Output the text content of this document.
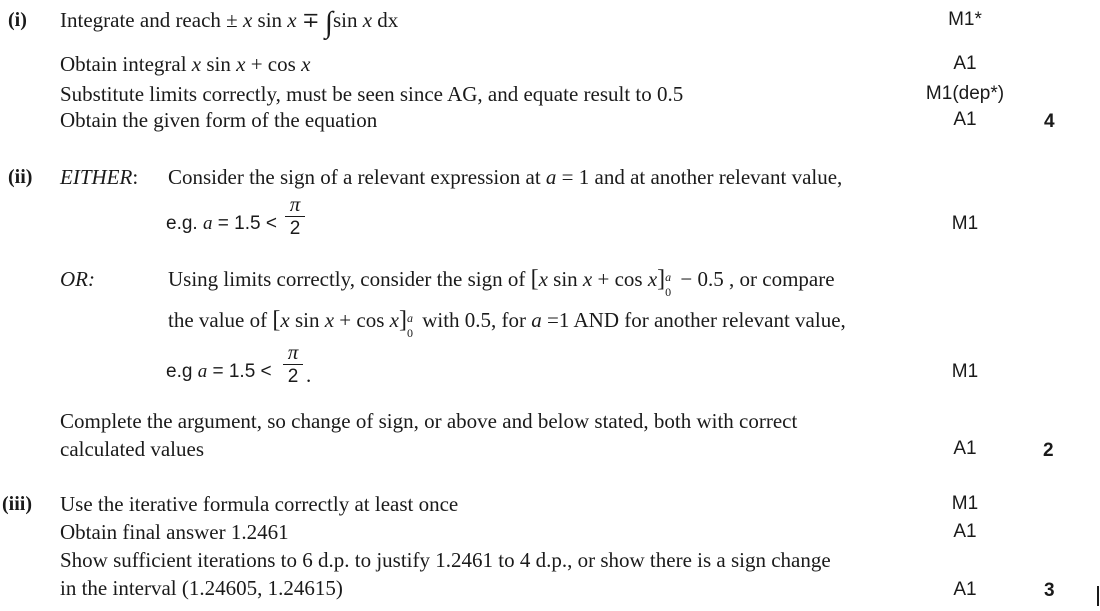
(i) Integrate and reach ± x sin x ∓ ∫sin x dx	M1*
Obtain integral x sin x + cos x	A1
Substitute limits correctly, must be seen since AG, and equate result to 0.5	M1(dep*)
Obtain the given form of the equation	A1	4
(ii) EITHER: Consider the sign of a relevant expression at a = 1 and at another relevant value,
e.g. a = 1.5 <
π
2	M1
OR:	Using limits correctly, consider the sign of [x sin x + cos x] a
0
− 0.5 , or compare
the value of [x sin x + cos x] a
0
with 0.5, for a =1 AND for another relevant value,
e.g a = 1.5 <
π
2 .	M1
Complete the argument, so change of sign, or above and below stated, both with correct
calculated values	A1	2
(iii) Use the iterative formula correctly at least once	M1
Obtain final answer 1.2461	A1
Show sufficient iterations to 6 d.p. to justify 1.2461 to 4 d.p., or show there is a sign change
in the interval (1.24605, 1.24615)	A1	3
